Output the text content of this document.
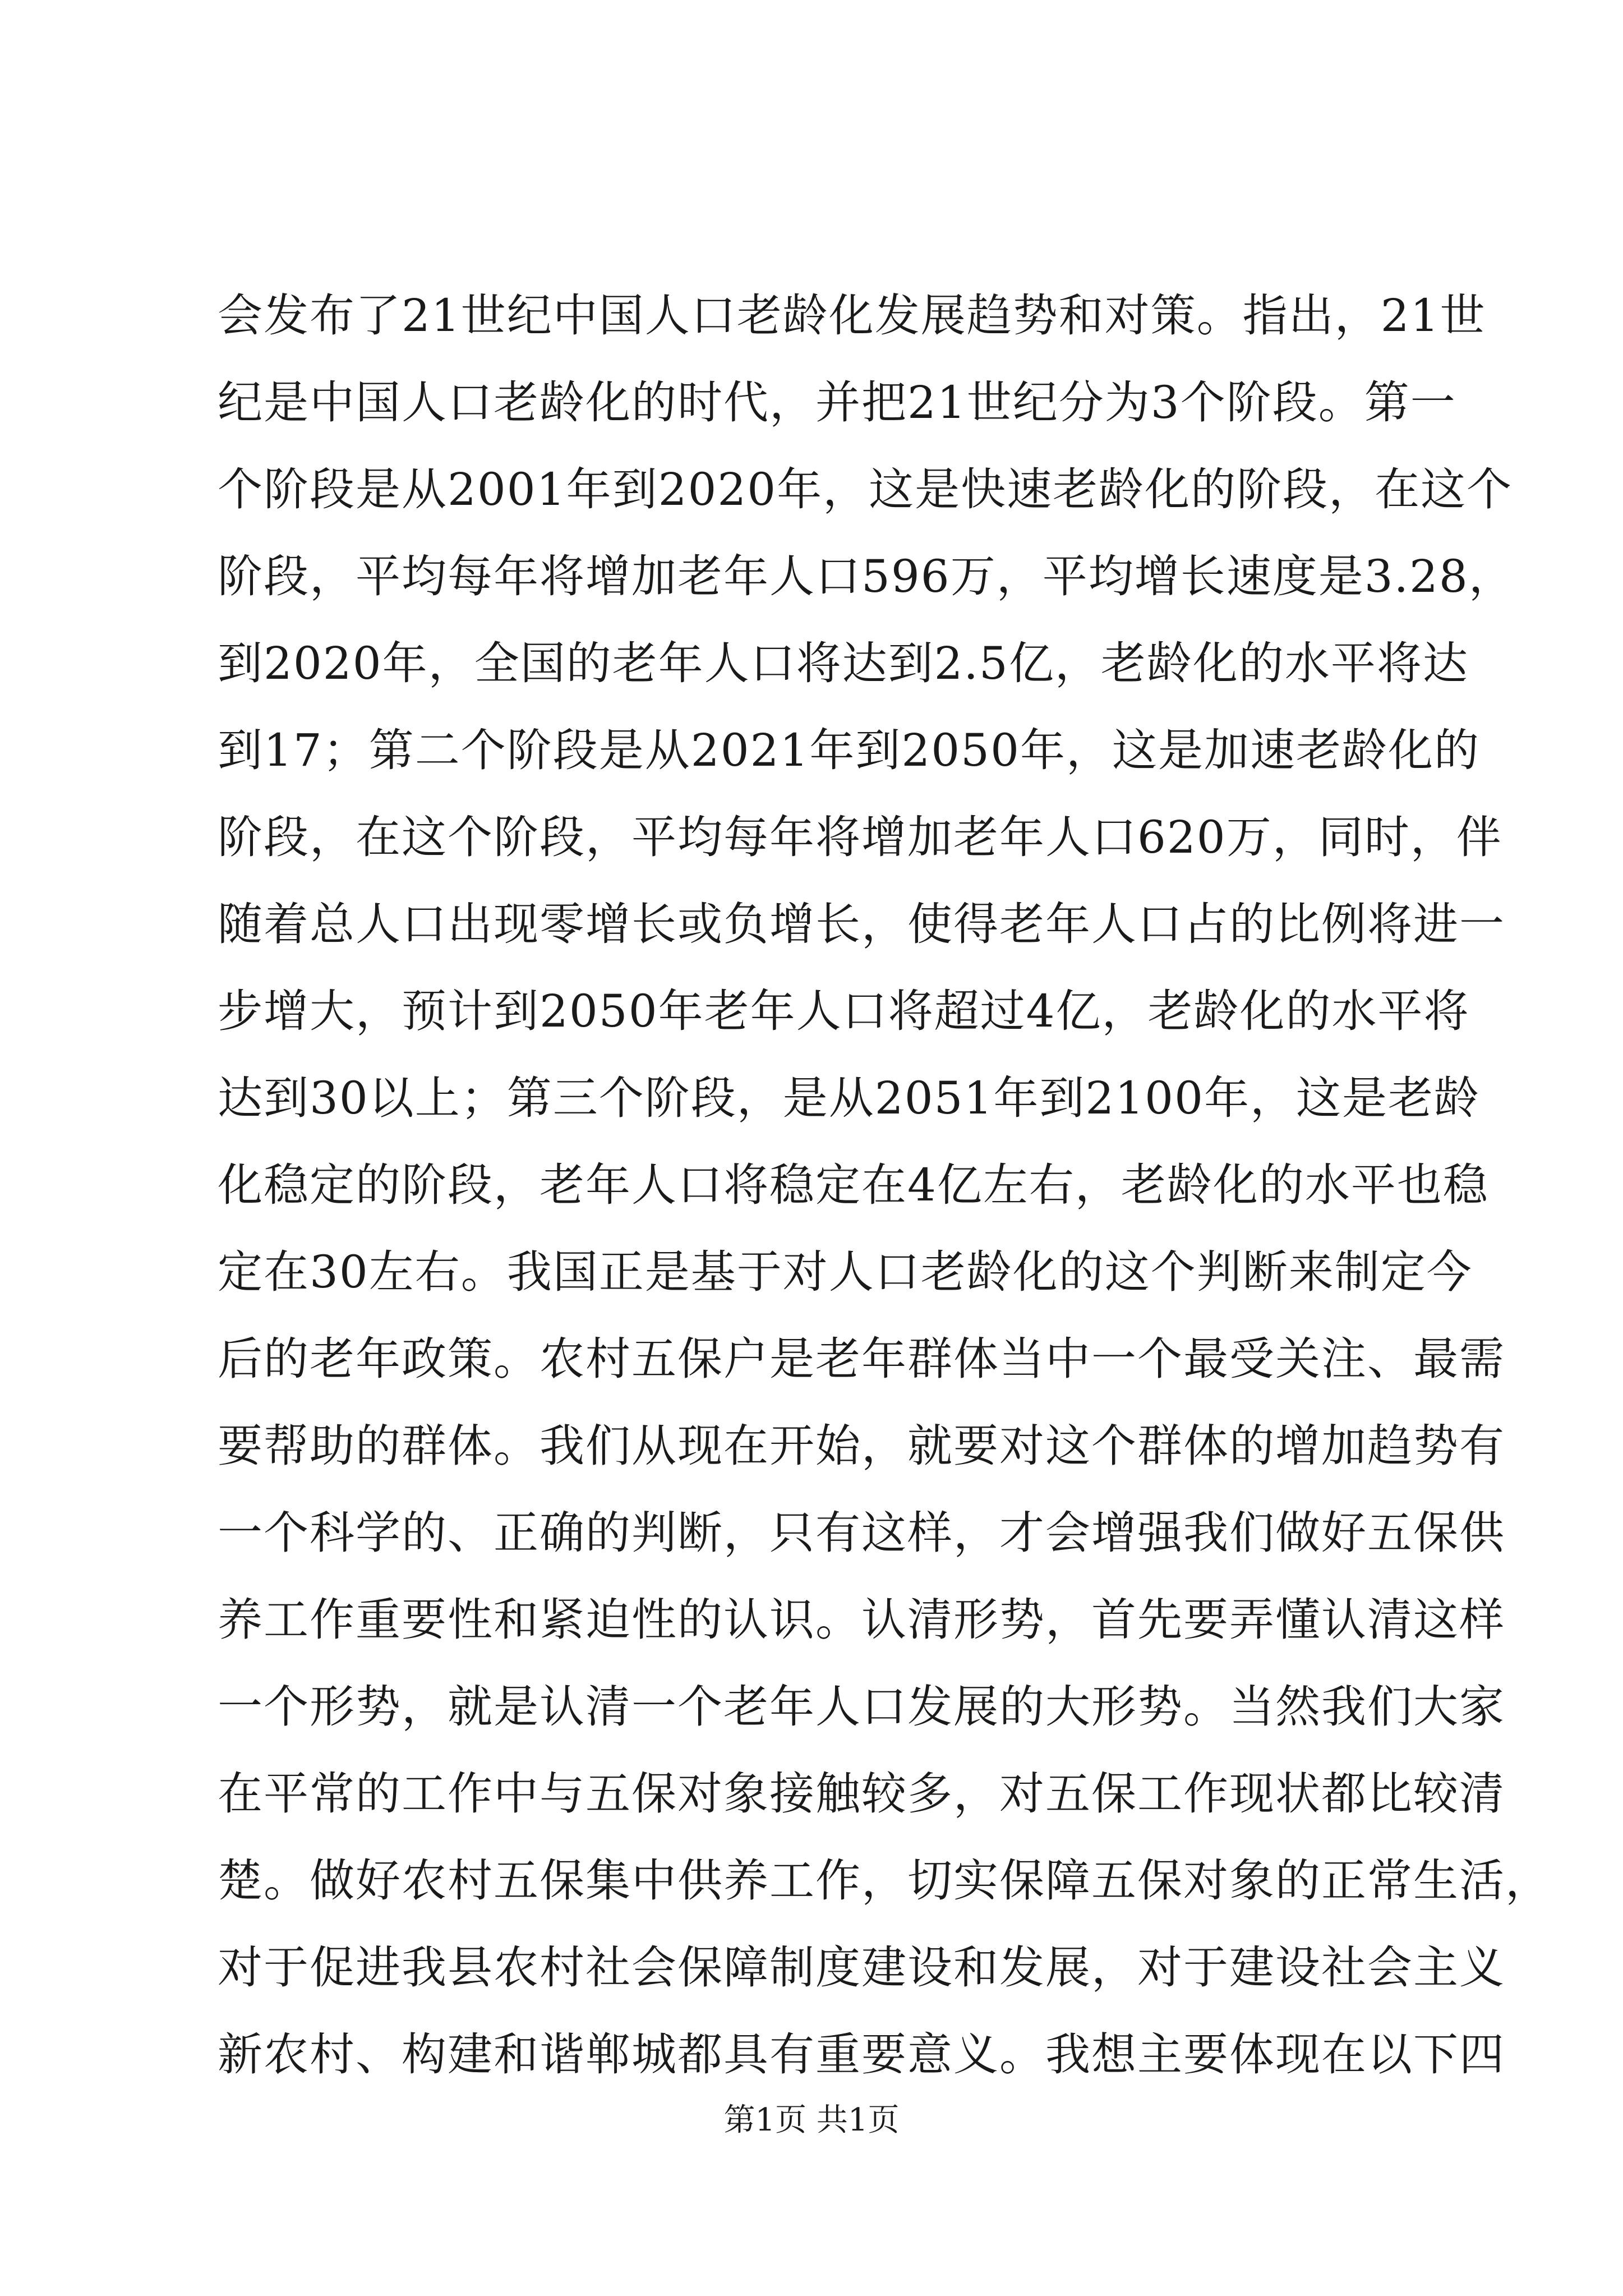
会发布了21世纪中国人口老龄化发展趋势和对策。指出，21世
纪是中国人口老龄化的时代，并把21世纪分为3个阶段。第一
个阶段是从2001年到2020年，这是快速老龄化的阶段，在这个
阶段，平均每年将增加老年人口596万，平均增长速度是3.28，
到2020年，全国的老年人口将达到2.5亿，老龄化的水平将达
到17；第二个阶段是从2021年到2050年，这是加速老龄化的
阶段，在这个阶段，平均每年将增加老年人口620万，同时，伴
随着总人口出现零增长或负增长，使得老年人口占的比例将进一
步增大，预计到2050年老年人口将超过4亿，老龄化的水平将
达到30以上；第三个阶段，是从2051年到2100年，这是老龄
化稳定的阶段，老年人口将稳定在4亿左右，老龄化的水平也稳
定在30左右。我国正是基于对人口老龄化的这个判断来制定今
后的老年政策。农村五保户是老年群体当中一个最受关注、最需
要帮助的群体。我们从现在开始，就要对这个群体的增加趋势有
一个科学的、正确的判断，只有这样，才会增强我们做好五保供
养工作重要性和紧迫性的认识。认清形势，首先要弄懂认清这样
一个形势，就是认清一个老年人口发展的大形势。当然我们大家
在平常的工作中与五保对象接触较多，对五保工作现状都比较清
楚。做好农村五保集中供养工作，切实保障五保对象的正常生活，
对于促进我县农村社会保障制度建设和发展，对于建设社会主义
新农村、构建和谐郸城都具有重要意义。我想主要体现在以下四
第1页 共1页
